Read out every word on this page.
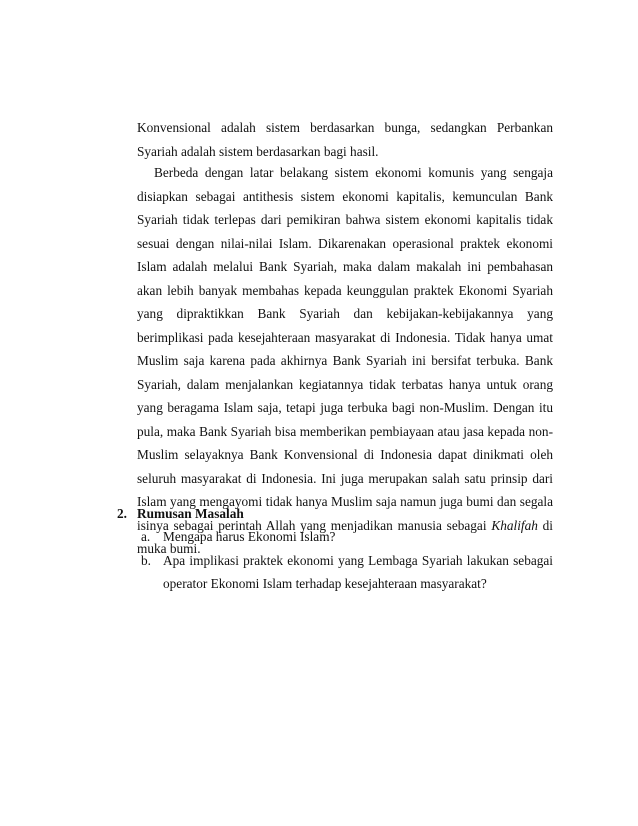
Konvensional adalah sistem berdasarkan bunga, sedangkan Perbankan Syariah adalah sistem berdasarkan bagi hasil.

Berbeda dengan latar belakang sistem ekonomi komunis yang sengaja disiapkan sebagai antithesis sistem ekonomi kapitalis, kemunculan Bank Syariah tidak terlepas dari pemikiran bahwa sistem ekonomi kapitalis tidak sesuai dengan nilai-nilai Islam. Dikarenakan operasional praktek ekonomi Islam adalah melalui Bank Syariah, maka dalam makalah ini pembahasan akan lebih banyak membahas kepada keunggulan praktek Ekonomi Syariah yang dipraktikkan Bank Syariah dan kebijakan-kebijakannya yang berimplikasi pada kesejahteraan masyarakat di Indonesia. Tidak hanya umat Muslim saja karena pada akhirnya Bank Syariah ini bersifat terbuka. Bank Syariah, dalam menjalankan kegiatannya tidak terbatas hanya untuk orang yang beragama Islam saja, tetapi juga terbuka bagi non-Muslim. Dengan itu pula, maka Bank Syariah bisa memberikan pembiayaan atau jasa kepada non-Muslim selayaknya Bank Konvensional di Indonesia dapat dinikmati oleh seluruh masyarakat di Indonesia. Ini juga merupakan salah satu prinsip dari Islam yang mengayomi tidak hanya Muslim saja namun juga bumi dan segala isinya sebagai perintah Allah yang menjadikan manusia sebagai Khalifah di muka bumi.

2. Rumusan Masalah

a. Mengapa harus Ekonomi Islam?
b. Apa implikasi praktek ekonomi yang Lembaga Syariah lakukan sebagai operator Ekonomi Islam terhadap kesejahteraan masyarakat?
